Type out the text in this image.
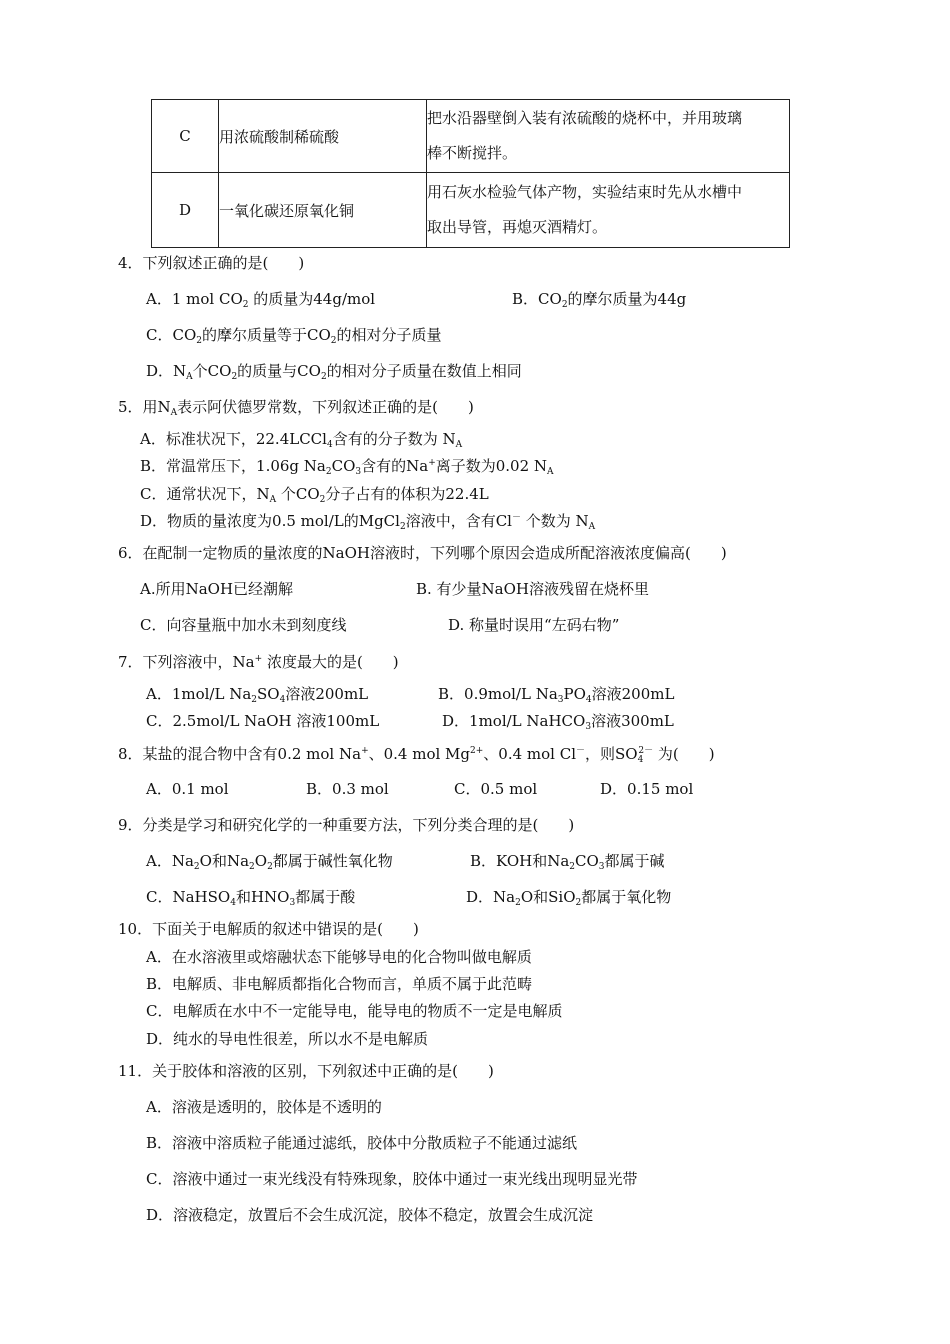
C	用浓硫酸制稀硫酸	把水沿器壁倒入装有浓硫酸的烧杯中，并用玻璃
棒不断搅拌。

D	一氧化碳还原氧化铜	用石灰水检验气体产物，实验结束时先从水槽中
取出导管，再熄灭酒精灯。
4．下列叙述正确的是(　　)
A．1 mol $CO_2$ 的质量为44g/mol	B．$CO_2$的摩尔质量为44g
C．$CO_2$的摩尔质量等于$CO_2$的相对分子质量
D．$N_A$个$CO_2$的质量与$CO_2$的相对分子质量在数值上相同
5．用$N_A$表示阿伏德罗常数，下列叙述正确的是(　　)
A．标准状况下，22.4LCCl$_4$含有的分子数为 $N_A$
B．常温常压下，1.06g $Na_2CO_3$含有的Na+离子数为0.02 $N_A$
C．通常状况下，$N_A$ 个$CO_2$分子占有的体积为22.4L
D．物质的量浓度为0.5 mol/L的MgCl$_2$溶液中，含有Cl－ 个数为 $N_A$
6．在配制一定物质的量浓度的NaOH溶液时，下列哪个原因会造成所配溶液浓度偏高(　　)
A.所用NaOH已经潮解	B. 有少量NaOH溶液残留在烧杯里
C．向容量瓶中加水未到刻度线	D. 称量时误用“左码右物”
7．下列溶液中，Na+ 浓度最大的是(　　)
A．1mol/L $Na_2SO_4$溶液200mL	B．0.9mol/L $Na_3PO_4$溶液200mL
C．2.5mol/L NaOH 溶液100mL	D．1mol/L NaHCO$_3$溶液300mL
8．某盐的混合物中含有0.2 mol Na+、0.4 mol $Mg^{2+}$、0.4 mol Cl－，则$SO_4^{2-}$ 为(　　)
A．0.1 mol	B．0.3 mol	C．0.5 mol	D．0.15 mol
9．分类是学习和研究化学的一种重要方法，下列分类合理的是(　　)
A．$Na_2O$和$Na_2O_2$都属于碱性氧化物	B．KOH和$Na_2CO_3$都属于碱
C．NaHSO$_4$和$HNO_3$都属于酸	D．$Na_2O$和SiO$_2$都属于氧化物
10．下面关于电解质的叙述中错误的是(　　)
A．在水溶液里或熔融状态下能够导电的化合物叫做电解质
B．电解质、非电解质都指化合物而言，单质不属于此范畴
C．电解质在水中不一定能导电，能导电的物质不一定是电解质
D．纯水的导电性很差，所以水不是电解质
11．关于胶体和溶液的区别，下列叙述中正确的是(　　)
A．溶液是透明的，胶体是不透明的
B．溶液中溶质粒子能通过滤纸，胶体中分散质粒子不能通过滤纸
C．溶液中通过一束光线没有特殊现象，胶体中通过一束光线出现明显光带
D．溶液稳定，放置后不会生成沉淀，胶体不稳定，放置会生成沉淀
